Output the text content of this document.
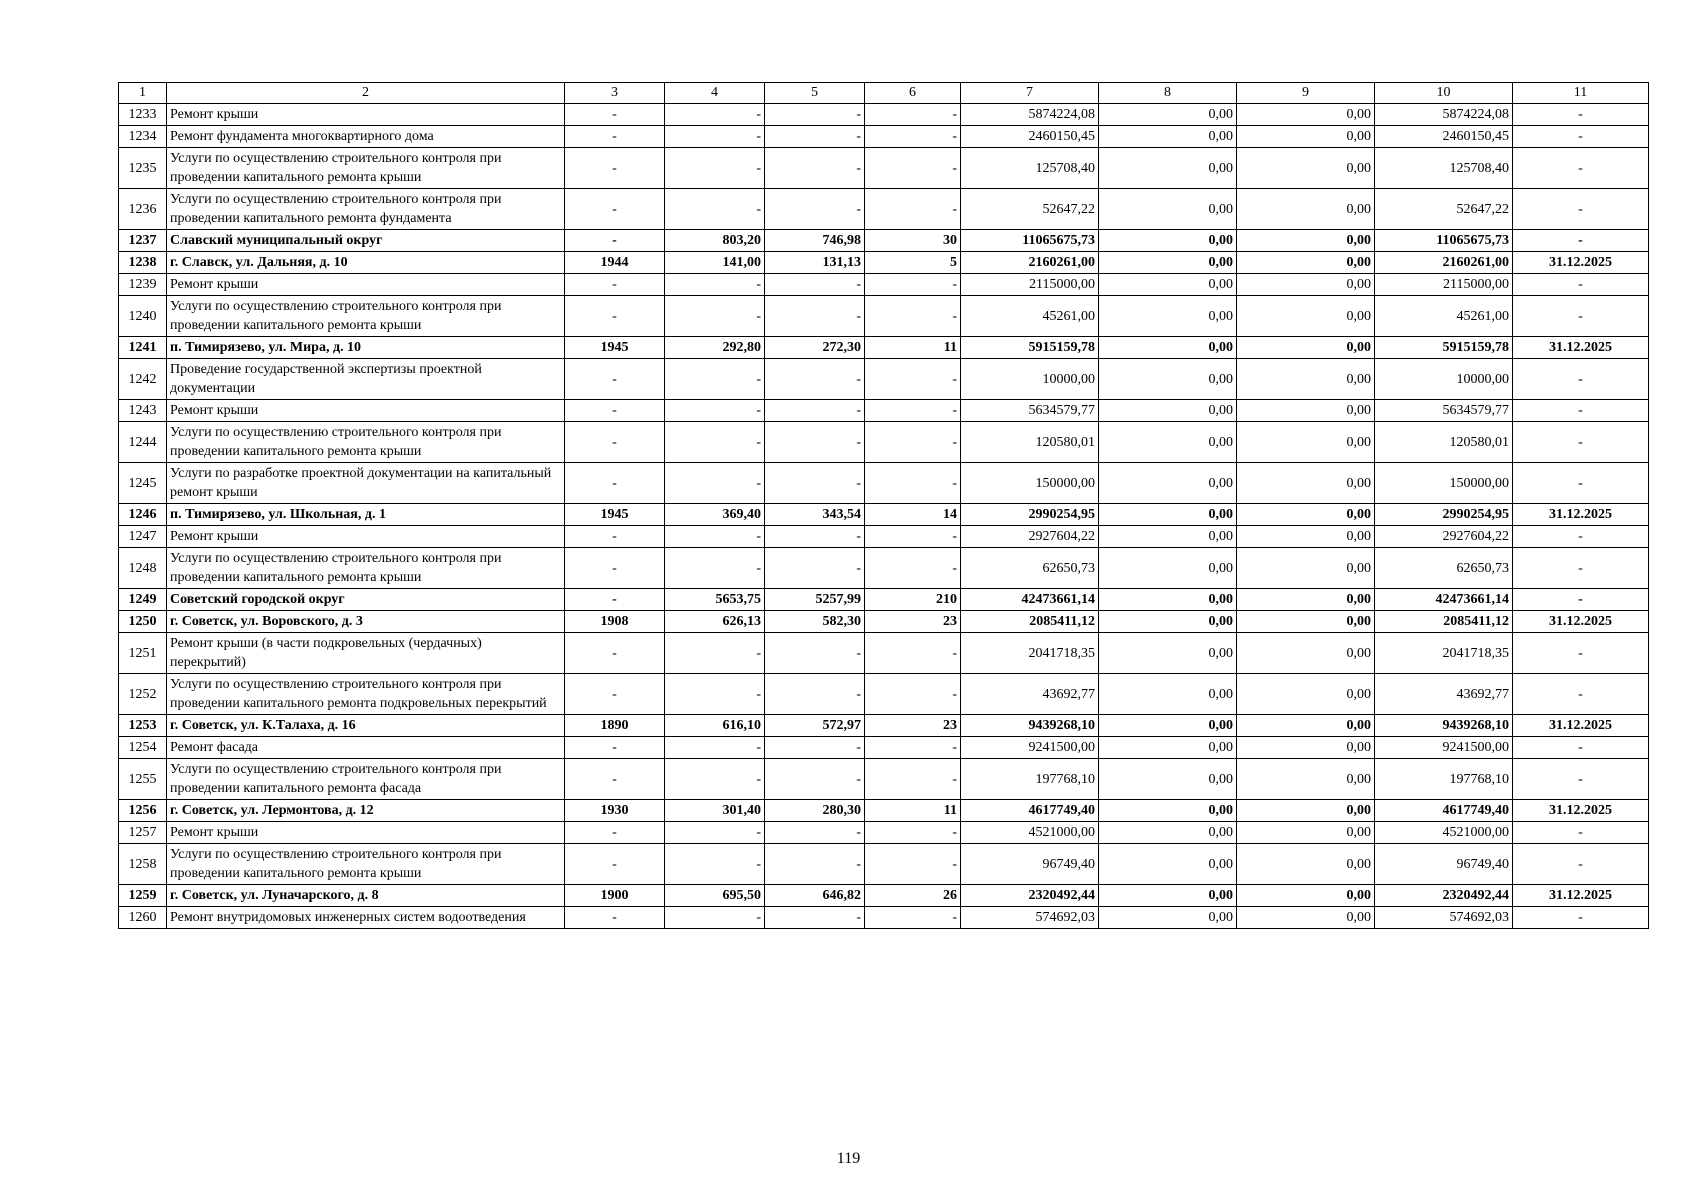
1	2	3	4	5	6	7	8	9	10	11
1233	Ремонт крыши	-	-	-	-	5874224,08	0,00	0,00	5874224,08	-
1234	Ремонт фундамента многоквартирного дома	-	-	-	-	2460150,45	0,00	0,00	2460150,45	-
1235	Услуги по осуществлению строительного контроля при проведении капитального ремонта крыши	-	-	-	-	125708,40	0,00	0,00	125708,40	-
1236	Услуги по осуществлению строительного контроля при проведении капитального ремонта фундамента	-	-	-	-	52647,22	0,00	0,00	52647,22	-
1237	Славский муниципальный округ	-	803,20	746,98	30	11065675,73	0,00	0,00	11065675,73	-
1238	г. Славск, ул. Дальняя, д. 10	1944	141,00	131,13	5	2160261,00	0,00	0,00	2160261,00	31.12.2025
1239	Ремонт крыши	-	-	-	-	2115000,00	0,00	0,00	2115000,00	-
1240	Услуги по осуществлению строительного контроля при проведении капитального ремонта крыши	-	-	-	-	45261,00	0,00	0,00	45261,00	-
1241	п. Тимирязево, ул. Мира, д. 10	1945	292,80	272,30	11	5915159,78	0,00	0,00	5915159,78	31.12.2025
1242	Проведение государственной экспертизы проектной документации	-	-	-	-	10000,00	0,00	0,00	10000,00	-
1243	Ремонт крыши	-	-	-	-	5634579,77	0,00	0,00	5634579,77	-
1244	Услуги по осуществлению строительного контроля при проведении капитального ремонта крыши	-	-	-	-	120580,01	0,00	0,00	120580,01	-
1245	Услуги по разработке проектной документации на капитальный ремонт крыши	-	-	-	-	150000,00	0,00	0,00	150000,00	-
1246	п. Тимирязево, ул. Школьная, д. 1	1945	369,40	343,54	14	2990254,95	0,00	0,00	2990254,95	31.12.2025
1247	Ремонт крыши	-	-	-	-	2927604,22	0,00	0,00	2927604,22	-
1248	Услуги по осуществлению строительного контроля при проведении капитального ремонта крыши	-	-	-	-	62650,73	0,00	0,00	62650,73	-
1249	Советский городской округ	-	5653,75	5257,99	210	42473661,14	0,00	0,00	42473661,14	-
1250	г. Советск, ул. Воровского, д. 3	1908	626,13	582,30	23	2085411,12	0,00	0,00	2085411,12	31.12.2025
1251	Ремонт крыши (в части подкровельных (чердачных) перекрытий)	-	-	-	-	2041718,35	0,00	0,00	2041718,35	-
1252	Услуги по осуществлению строительного контроля при проведении капитального ремонта подкровельных перекрытий	-	-	-	-	43692,77	0,00	0,00	43692,77	-
1253	г. Советск, ул. К.Талаха, д. 16	1890	616,10	572,97	23	9439268,10	0,00	0,00	9439268,10	31.12.2025
1254	Ремонт фасада	-	-	-	-	9241500,00	0,00	0,00	9241500,00	-
1255	Услуги по осуществлению строительного контроля при проведении капитального ремонта фасада	-	-	-	-	197768,10	0,00	0,00	197768,10	-
1256	г. Советск, ул. Лермонтова, д. 12	1930	301,40	280,30	11	4617749,40	0,00	0,00	4617749,40	31.12.2025
1257	Ремонт крыши	-	-	-	-	4521000,00	0,00	0,00	4521000,00	-
1258	Услуги по осуществлению строительного контроля при проведении капитального ремонта крыши	-	-	-	-	96749,40	0,00	0,00	96749,40	-
1259	г. Советск, ул. Луначарского, д. 8	1900	695,50	646,82	26	2320492,44	0,00	0,00	2320492,44	31.12.2025
1260	Ремонт внутридомовых инженерных систем водоотведения	-	-	-	-	574692,03	0,00	0,00	574692,03	-
119
